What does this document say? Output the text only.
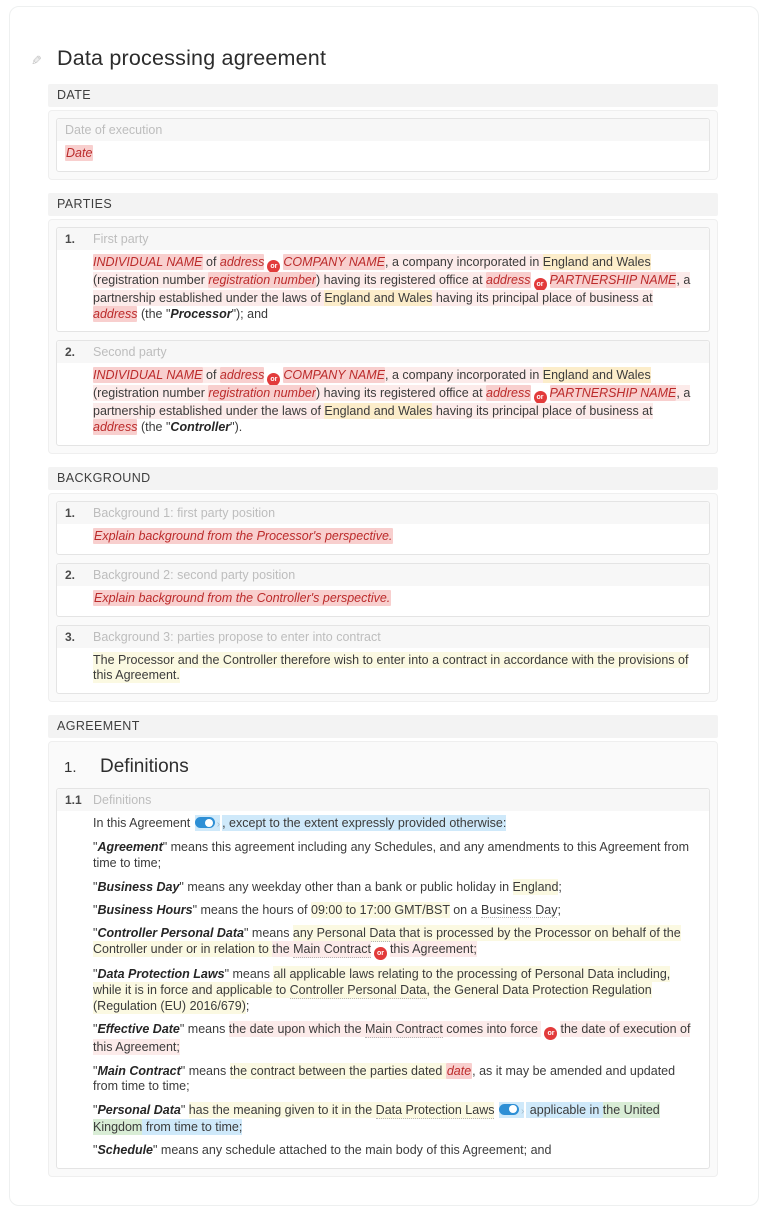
✎ Data processing agreement
DATE
Date of execution

Date

PARTIES
1.	First party

INDIVIDUAL NAME of address or COMPANY NAME, a company incorporated in England and Wales (registration number registration number) having its registered office at address or PARTNERSHIP NAME, a partnership established under the laws of England and Wales having its principal place of business at address (the "Processor"); and

2.	Second party

INDIVIDUAL NAME of address or COMPANY NAME, a company incorporated in England and Wales (registration number registration number) having its registered office at address or PARTNERSHIP NAME, a partnership established under the laws of England and Wales having its principal place of business at address (the "Controller").

BACKGROUND
1.	Background 1: first party position

Explain background from the Processor's perspective.

2.	Background 2: second party position

Explain background from the Controller's perspective.

3.	Background 3: parties propose to enter into contract

The Processor and the Controller therefore wish to enter into a contract in accordance with the provisions of this Agreement.

AGREEMENT
1.	Definitions
1.1 Definitions

In this Agreement
›, except to the extent expressly provided otherwise:

"Agreement" means this agreement including any Schedules, and any amendments to this Agreement from time to time;

"Business Day" means any weekday other than a bank or public holiday in England;

"Business Hours" means the hours of 09:00 to 17:00 GMT/BST on a Business Day;

"Controller Personal Data" means any Personal Data that is processed by the Processor on behalf of the Controller under or in relation to the Main Contract or this Agreement;

"Data Protection Laws" means all applicable laws relating to the processing of Personal Data including, while it is in force and applicable to Controller Personal Data, the General Data Protection Regulation (Regulation (EU) 2016/679);

"Effective Date" means the date upon which the Main Contract comes into force or the date of execution of this Agreement;

"Main Contract" means the contract between the parties dated date, as it may be amended and updated from time to time;

"Personal Data" has the meaning given to it in the Data Protection Laws ›	applicable in the United Kingdom from time to time;

"Schedule" means any schedule attached to the main body of this Agreement; and
